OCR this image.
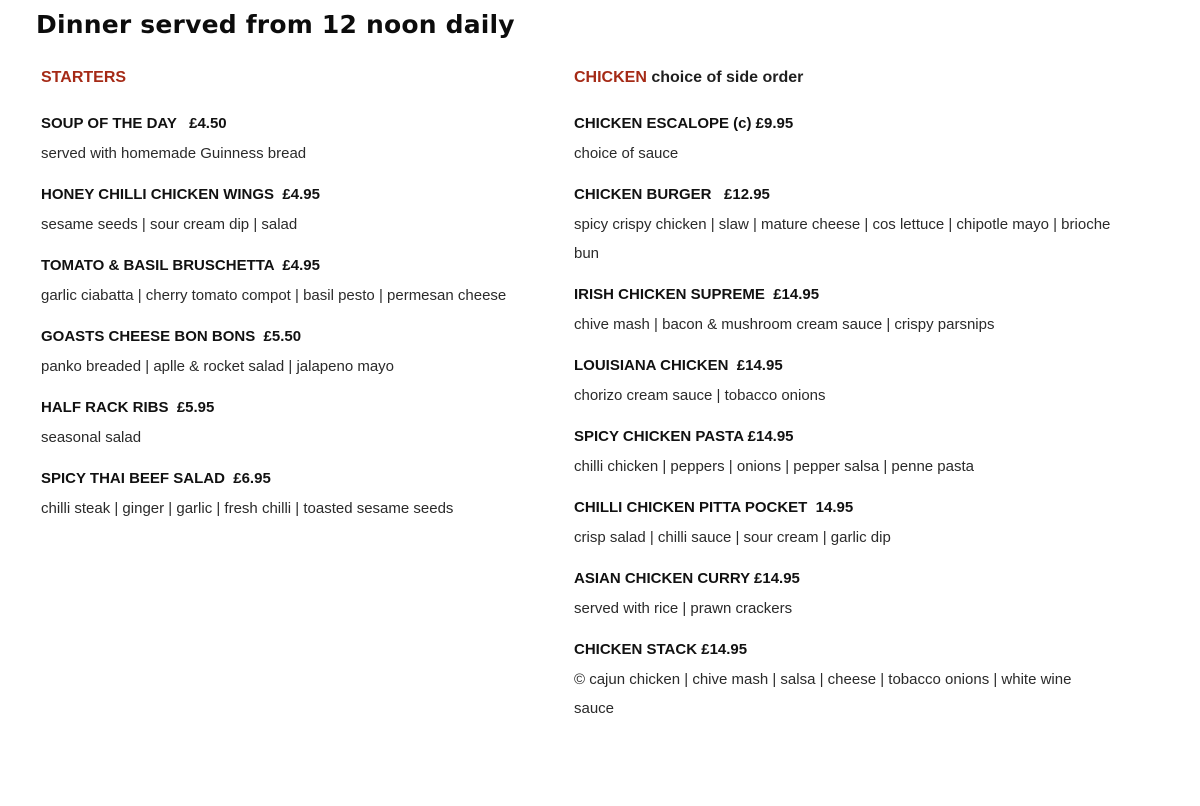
Dinner served from 12 noon daily
STARTERS
SOUP OF THE DAY   £4.50
served with homemade Guinness bread
HONEY CHILLI CHICKEN WINGS  £4.95
sesame seeds | sour cream dip | salad
TOMATO & BASIL BRUSCHETTA  £4.95
garlic ciabatta | cherry tomato compot | basil pesto | permesan cheese
GOASTS CHEESE BON BONS  £5.50
panko breaded | aplle & rocket salad | jalapeno mayo
HALF RACK RIBS  £5.95
seasonal salad
SPICY THAI BEEF SALAD  £6.95
chilli steak | ginger | garlic | fresh chilli | toasted sesame seeds
CHICKEN choice of side order
CHICKEN ESCALOPE (c) £9.95
choice of sauce
CHICKEN BURGER   £12.95
spicy crispy chicken | slaw | mature cheese | cos lettuce | chipotle mayo | brioche bun
IRISH CHICKEN SUPREME  £14.95
chive mash | bacon & mushroom cream sauce | crispy parsnips
LOUISIANA CHICKEN  £14.95
chorizo cream sauce | tobacco onions
SPICY CHICKEN PASTA £14.95
chilli chicken | peppers | onions | pepper salsa | penne pasta
CHILLI CHICKEN PITTA POCKET  14.95
crisp salad | chilli sauce | sour cream | garlic dip
ASIAN CHICKEN CURRY £14.95
served with rice | prawn crackers
CHICKEN STACK £14.95
© cajun chicken | chive mash | salsa | cheese | tobacco onions | white wine sauce
